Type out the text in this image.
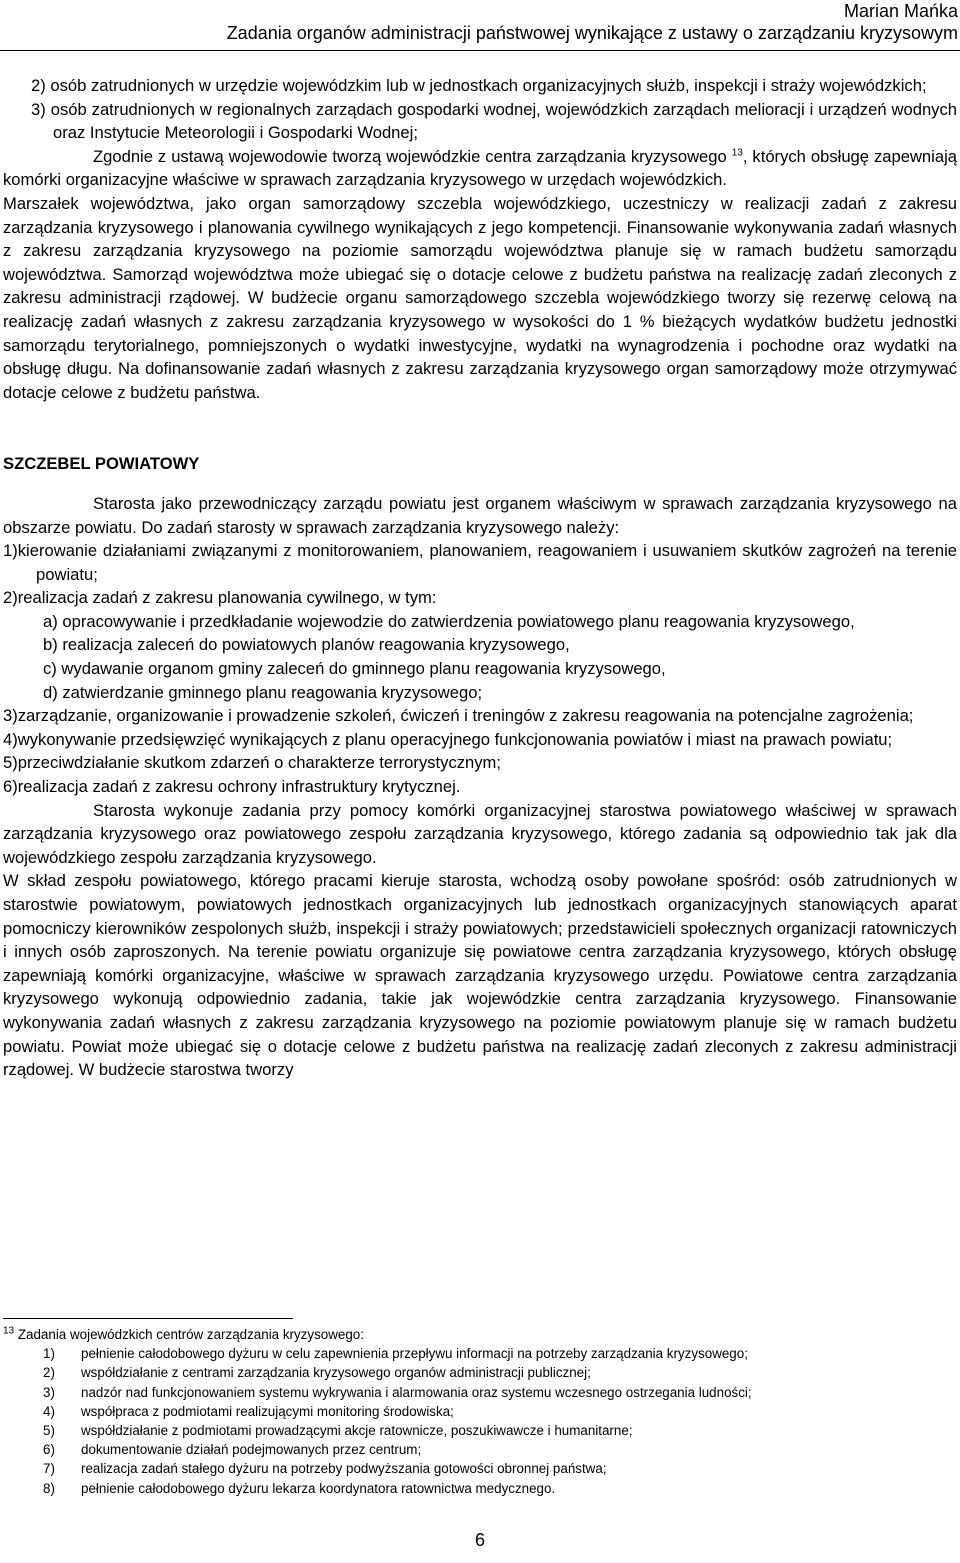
Marian Mańka
Zadania organów administracji państwowej wynikające z ustawy o zarządzaniu kryzysowym

2) osób zatrudnionych w urzędzie wojewódzkim lub w jednostkach organizacyjnych służb, inspekcji i straży wojewódzkich;

3) osób zatrudnionych w regionalnych zarządach gospodarki wodnej, wojewódzkich zarządach melioracji i urządzeń wodnych oraz Instytucie Meteorologii i Gospodarki Wodnej;

Zgodnie z ustawą wojewodowie tworzą wojewódzkie centra zarządzania kryzysowego $^{13}$, których obsługę zapewniają komórki organizacyjne właściwe w sprawach zarządzania kryzysowego w urzędach wojewódzkich.

Marszałek województwa, jako organ samorządowy szczebla wojewódzkiego, uczestniczy w realizacji zadań z zakresu zarządzania kryzysowego i planowania cywilnego wynikających z jego kompetencji. Finansowanie wykonywania zadań własnych z zakresu zarządzania kryzysowego na poziomie samorządu województwa planuje się w ramach budżetu samorządu województwa. Samorząd województwa może ubiegać się o dotacje celowe z budżetu państwa na realizację zadań zleconych z zakresu administracji rządowej. W budżecie organu samorządowego szczebla wojewódzkiego tworzy się rezerwę celową na realizację zadań własnych z zakresu zarządzania kryzysowego w wysokości do 1 % bieżących wydatków budżetu jednostki samorządu terytorialnego, pomniejszonych o wydatki inwestycyjne, wydatki na wynagrodzenia i pochodne oraz wydatki na obsługę długu. Na dofinansowanie zadań własnych z zakresu zarządzania kryzysowego organ samorządowy może otrzymywać dotacje celowe z budżetu państwa.

SZCZEBEL POWIATOWY

Starosta jako przewodniczący zarządu powiatu jest organem właściwym w sprawach zarządzania kryzysowego na obszarze powiatu. Do zadań starosty w sprawach zarządzania kryzysowego należy:

1)kierowanie działaniami związanymi z monitorowaniem, planowaniem, reagowaniem i usuwaniem skutków zagrożeń na terenie powiatu;

2)realizacja zadań z zakresu planowania cywilnego, w tym:

a) opracowywanie i przedkładanie wojewodzie do zatwierdzenia powiatowego planu reagowania kryzysowego,

b) realizacja zaleceń do powiatowych planów reagowania kryzysowego,

c) wydawanie organom gminy zaleceń do gminnego planu reagowania kryzysowego,

d) zatwierdzanie gminnego planu reagowania kryzysowego;

3)zarządzanie, organizowanie i prowadzenie szkoleń, ćwiczeń i treningów z zakresu reagowania na potencjalne zagrożenia;

4)wykonywanie przedsięwzięć wynikających z planu operacyjnego funkcjonowania powiatów i miast na prawach powiatu;

5)przeciwdziałanie skutkom zdarzeń o charakterze terrorystycznym;

6)realizacja zadań z zakresu ochrony infrastruktury krytycznej.

Starosta wykonuje zadania przy pomocy komórki organizacyjnej starostwa powiatowego właściwej w sprawach zarządzania kryzysowego oraz powiatowego zespołu zarządzania kryzysowego, którego zadania są odpowiednio tak jak dla wojewódzkiego zespołu zarządzania kryzysowego.

W skład zespołu powiatowego, którego pracami kieruje starosta, wchodzą osoby powołane spośród: osób zatrudnionych w starostwie powiatowym, powiatowych jednostkach organizacyjnych lub jednostkach organizacyjnych stanowiących aparat pomocniczy kierowników zespolonych służb, inspekcji i straży powiatowych; przedstawicieli społecznych organizacji ratowniczych i innych osób zaproszonych. Na terenie powiatu organizuje się powiatowe centra zarządzania kryzysowego, których obsługę zapewniają komórki organizacyjne, właściwe w sprawach zarządzania kryzysowego urzędu. Powiatowe centra zarządzania kryzysowego wykonują odpowiednio zadania, takie jak wojewódzkie centra zarządzania kryzysowego. Finansowanie wykonywania zadań własnych z zakresu zarządzania kryzysowego na poziomie powiatowym planuje się w ramach budżetu powiatu. Powiat może ubiegać się o dotacje celowe z budżetu państwa na realizację zadań zleconych z zakresu administracji rządowej. W budżecie starostwa tworzy

$^{13}$ Zadania wojewódzkich centrów zarządzania kryzysowego:
1)	pełnienie całodobowego dyżuru w celu zapewnienia przepływu informacji na potrzeby zarządzania kryzysowego;
2)	współdziałanie z centrami zarządzania kryzysowego organów administracji publicznej;
3)	nadzór nad funkcjonowaniem systemu wykrywania i alarmowania oraz systemu wczesnego ostrzegania ludności;
4)	współpraca z podmiotami realizującymi monitoring środowiska;
5)	współdziałanie z podmiotami prowadzącymi akcje ratownicze, poszukiwawcze i humanitarne;
6)	dokumentowanie działań podejmowanych przez centrum;
7)	realizacja zadań stałego dyżuru na potrzeby podwyższania gotowości obronnej państwa;
8)	pełnienie całodobowego dyżuru lekarza koordynatora ratownictwa medycznego.
6
